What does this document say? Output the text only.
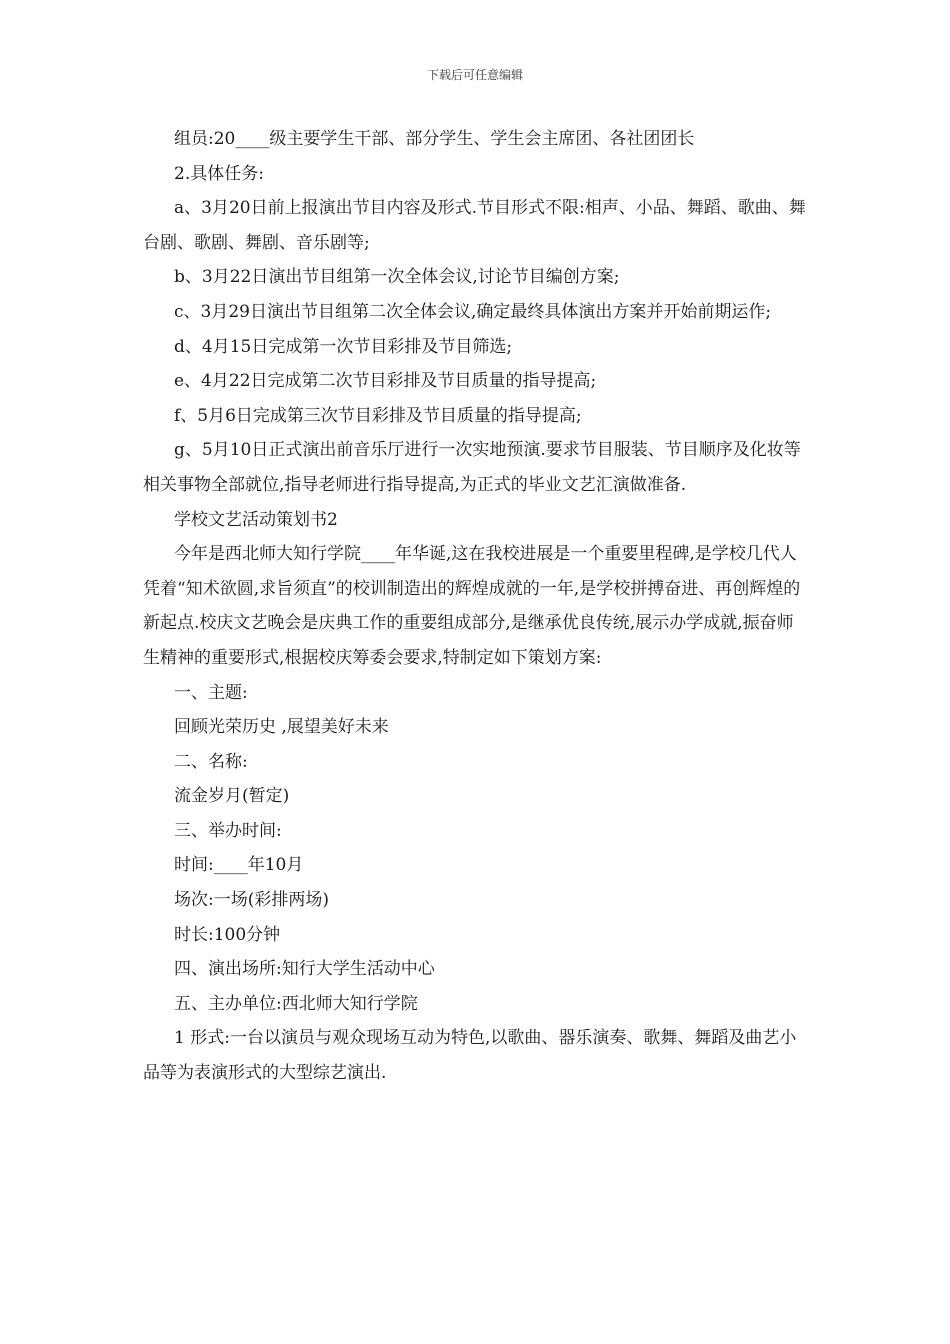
下载后可任意编辑

组员:20____级主要学生干部、部分学生、学生会主席团、各社团团长

2.具体任务:

a、3月20日前上报演出节目内容及形式.节目形式不限:相声、小品、舞蹈、歌曲、舞台剧、歌剧、舞剧、音乐剧等;

b、3月22日演出节目组第一次全体会议,讨论节目编创方案;

c、3月29日演出节目组第二次全体会议,确定最终具体演出方案并开始前期运作;

d、4月15日完成第一次节目彩排及节目筛选;

e、4月22日完成第二次节目彩排及节目质量的指导提高;

f、5月6日完成第三次节目彩排及节目质量的指导提高;

g、5月10日正式演出前音乐厅进行一次实地预演.要求节目服装、节目顺序及化妆等相关事物全部就位,指导老师进行指导提高,为正式的毕业文艺汇演做准备.

学校文艺活动策划书2

今年是西北师大知行学院____年华诞,这在我校进展是一个重要里程碑,是学校几代人凭着“知术欲圆,求旨须直”的校训制造出的辉煌成就的一年,是学校拼搏奋进、再创辉煌的新起点.校庆文艺晚会是庆典工作的重要组成部分,是继承优良传统,展示办学成就,振奋师生精神的重要形式,根据校庆筹委会要求,特制定如下策划方案:

一、主题:

回顾光荣历史 ,展望美好未来

二、名称:

流金岁月(暂定)

三、举办时间:

时间:____年10月

场次:一场(彩排两场)

时长:100分钟

四、演出场所:知行大学生活动中心

五、主办单位:西北师大知行学院

1 形式:一台以演员与观众现场互动为特色,以歌曲、器乐演奏、歌舞、舞蹈及曲艺小品等为表演形式的大型综艺演出.
